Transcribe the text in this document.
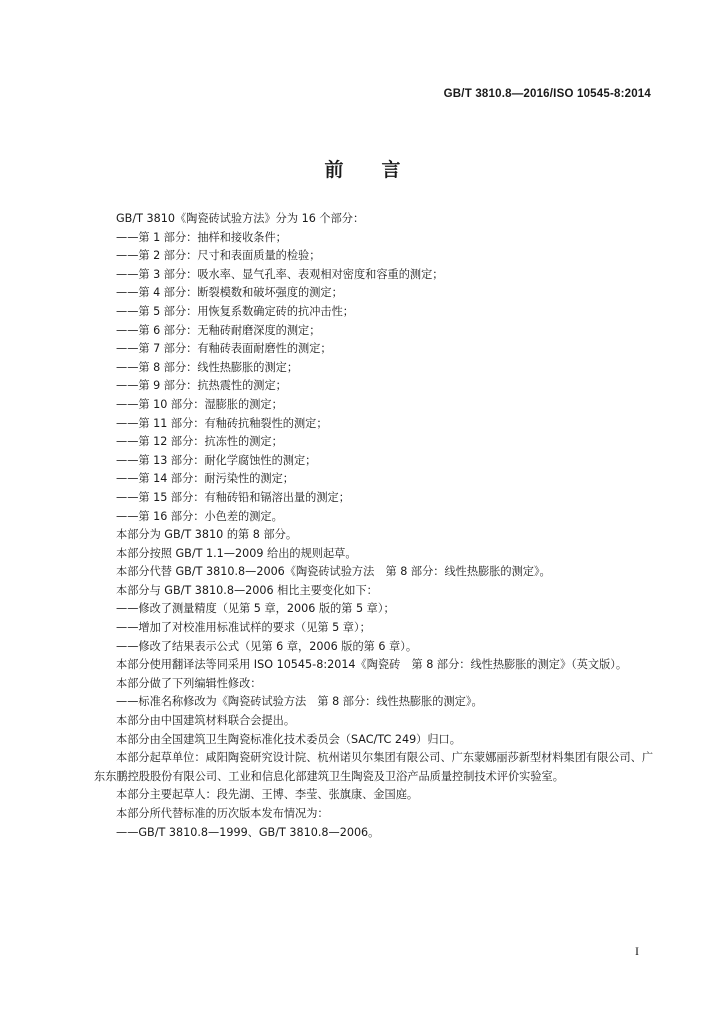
GB/T 3810.8—2016/ISO 10545-8:2014
前言
GB/T 3810《陶瓷砖试验方法》分为 16 个部分：
——第 1 部分：抽样和接收条件；
——第 2 部分：尺寸和表面质量的检验；
——第 3 部分：吸水率、显气孔率、表观相对密度和容重的测定；
——第 4 部分：断裂模数和破坏强度的测定；
——第 5 部分：用恢复系数确定砖的抗冲击性；
——第 6 部分：无釉砖耐磨深度的测定；
——第 7 部分：有釉砖表面耐磨性的测定；
——第 8 部分：线性热膨胀的测定；
——第 9 部分：抗热震性的测定；
——第 10 部分：湿膨胀的测定；
——第 11 部分：有釉砖抗釉裂性的测定；
——第 12 部分：抗冻性的测定；
——第 13 部分：耐化学腐蚀性的测定；
——第 14 部分：耐污染性的测定；
——第 15 部分：有釉砖铅和镉溶出量的测定；
——第 16 部分：小色差的测定。
本部分为 GB/T 3810 的第 8 部分。
本部分按照 GB/T 1.1—2009 给出的规则起草。
本部分代替 GB/T 3810.8—2006《陶瓷砖试验方法　第 8 部分：线性热膨胀的测定》。
本部分与 GB/T 3810.8—2006 相比主要变化如下：
——修改了测量精度（见第 5 章，2006 版的第 5 章）；
——增加了对校准用标准试样的要求（见第 5 章）；
——修改了结果表示公式（见第 6 章，2006 版的第 6 章）。
本部分使用翻译法等同采用 ISO 10545-8:2014《陶瓷砖　第 8 部分：线性热膨胀的测定》（英文版）。
本部分做了下列编辑性修改：
——标准名称修改为《陶瓷砖试验方法　第 8 部分：线性热膨胀的测定》。
本部分由中国建筑材料联合会提出。
本部分由全国建筑卫生陶瓷标准化技术委员会（SAC/TC 249）归口。
本部分起草单位：咸阳陶瓷研究设计院、杭州诺贝尔集团有限公司、广东蒙娜丽莎新型材料集团有限公司、广东东鹏控股股份有限公司、工业和信息化部建筑卫生陶瓷及卫浴产品质量控制技术评价实验室。
本部分主要起草人：段先湖、王博、李莹、张旗康、金国庭。
本部分所代替标准的历次版本发布情况为：
——GB/T 3810.8—1999、GB/T 3810.8—2006。
I
